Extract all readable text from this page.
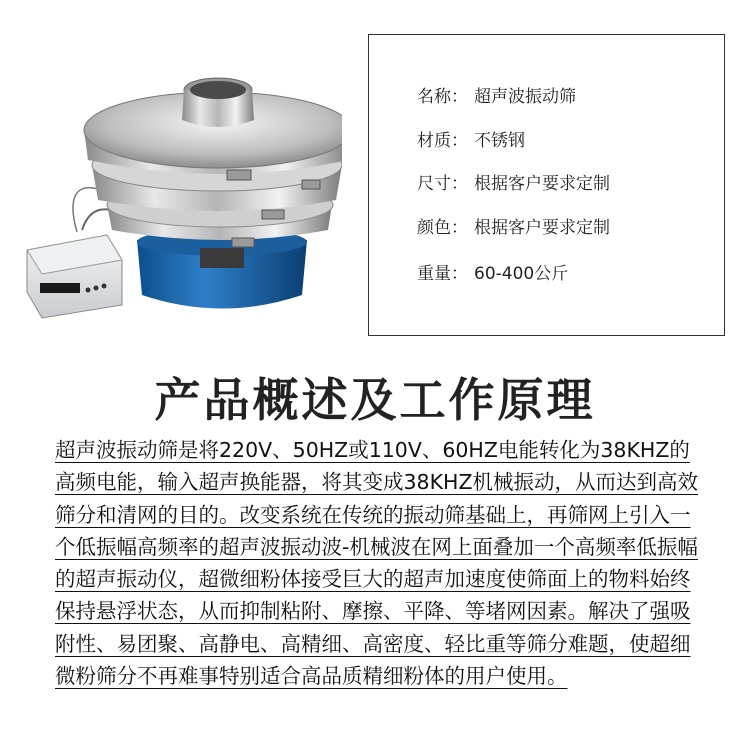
名称： 超声波振动筛
材质： 不锈钢
尺寸： 根据客户要求定制
颜色： 根据客户要求定制
重量： 60-400公斤
产品概述及工作原理
超声波振动筛是将220V、50HZ或110V、60HZ电能转化为38KHZ的高频电能，输入超声换能器，将其变成38KHZ机械振动，从而达到高效筛分和清网的目的。改变系统在传统的振动筛基础上，再筛网上引入一个低振幅高频率的超声波振动波-机械波在网上面叠加一个高频率低振幅的超声振动仪，超微细粉体接受巨大的超声加速度使筛面上的物料始终保持悬浮状态，从而抑制粘附、摩擦、平降、等堵网因素。解决了强吸附性、易团聚、高静电、高精细、高密度、轻比重等筛分难题，使超细微粉筛分不再难事特别适合高品质精细粉体的用户使用。
